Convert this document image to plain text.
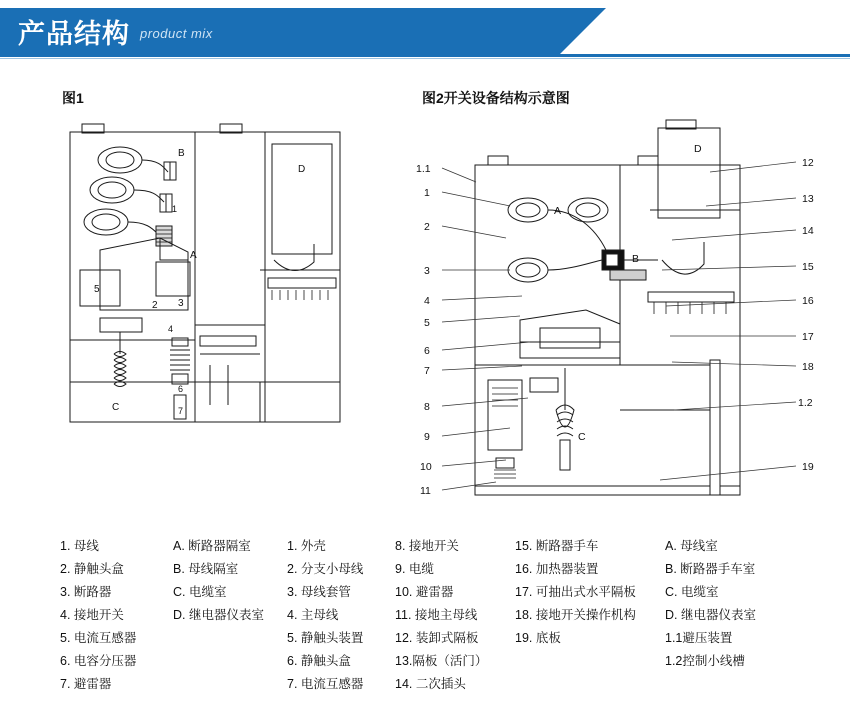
产品结构 product mix
图1	图2开关设备结构示意图
B
1
A
3
2
5
4
6
7
C
D	1.1
1
2
3
4
5
6
7
8
9
10
11
12
13
14
15
16
17
18
1.2
19
A
B
C
D
1. 母线
2. 静触头盒
3. 断路器
4. 接地开关
5. 电流互感器
6. 电容分压器
7. 避雷器
A. 断路器隔室
B. 母线隔室
C. 电缆室
D. 继电器仪表室
1. 外壳
2. 分支小母线
3. 母线套管
4. 主母线
5. 静触头装置
6. 静触头盒
7. 电流互感器
8. 接地开关
9. 电缆
10. 避雷器
11. 接地主母线
12. 装卸式隔板
13.隔板（活门）
14. 二次插头
15. 断路器手车
16. 加热器装置
17. 可抽出式水平隔板
18. 接地开关操作机构
19. 底板
A. 母线室
B. 断路器手车室
C. 电缆室
D. 继电器仪表室
1.1避压装置
1.2控制小线槽
